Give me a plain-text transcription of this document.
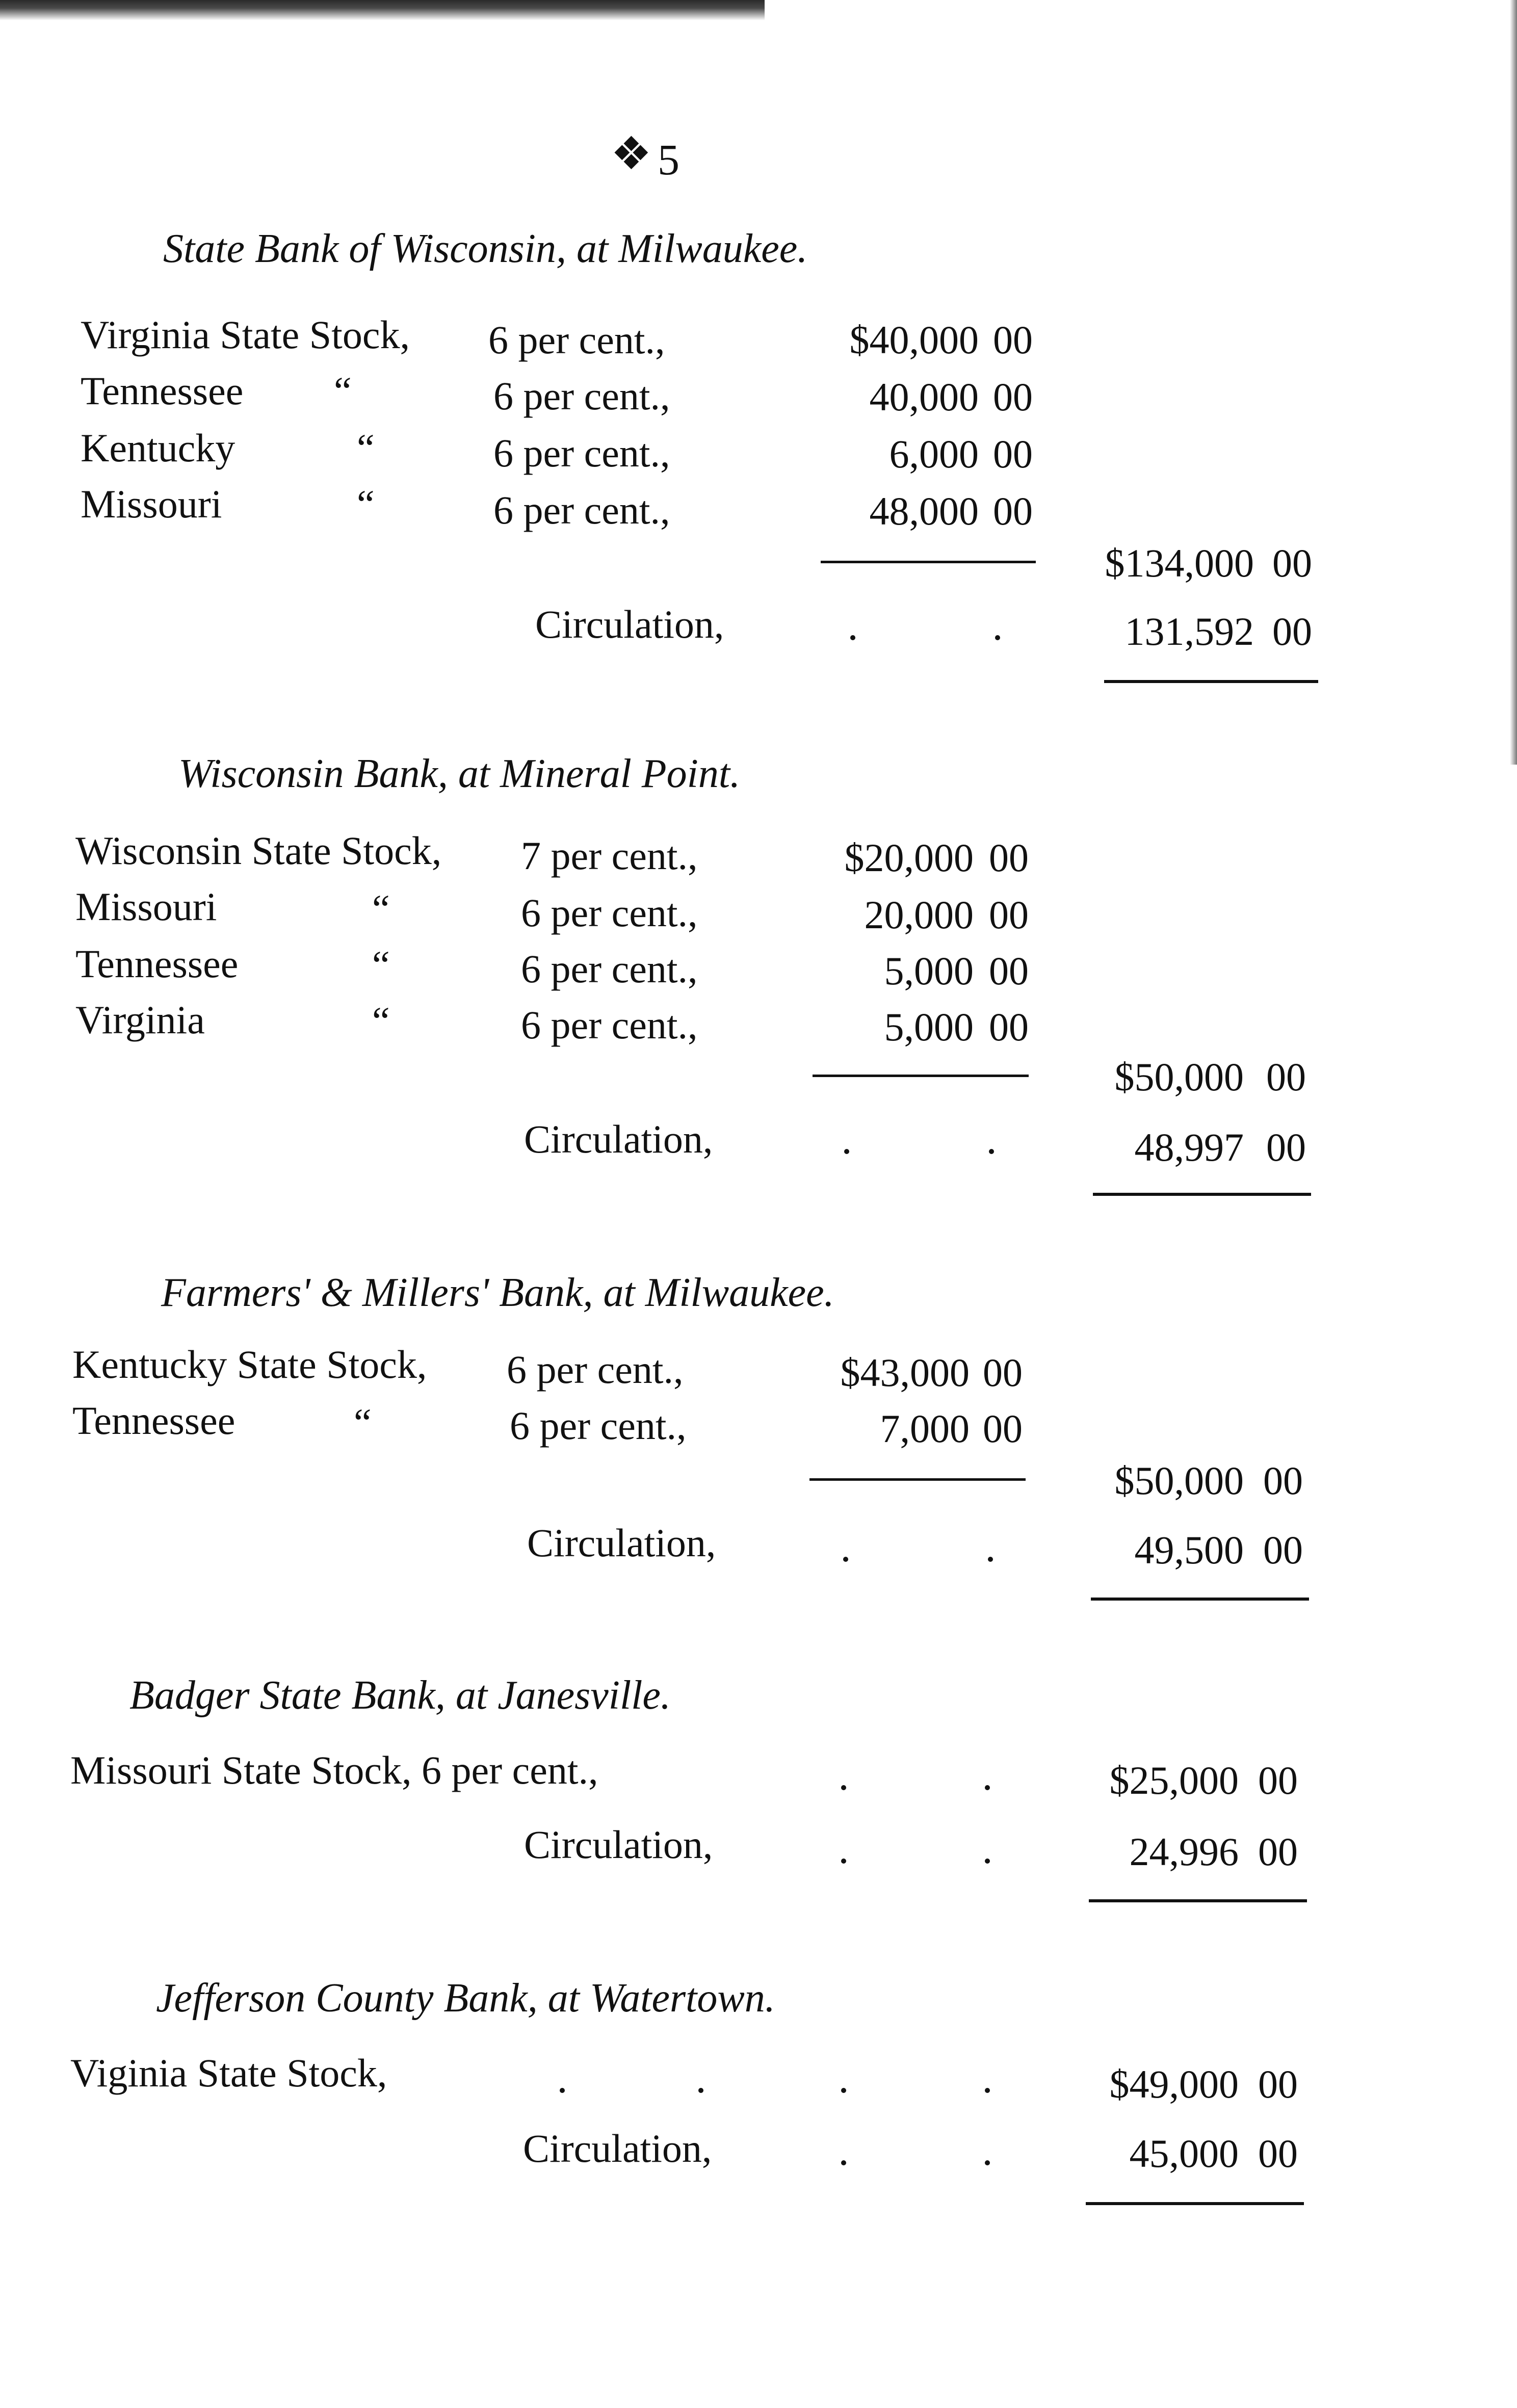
❖ 5
State Bank of Wisconsin, at Milwaukee.
Virginia State Stock, 6 per cent.,	$40,000 00
Tennessee “	6 per cent.,	40,000 00
Kentucky	“	6 per cent.,	6,000 00
Missouri	“	6 per cent.,	48,000 00
$134,000 00
Circulation,	131,592 00
Wisconsin Bank, at Mineral Point.
Wisconsin State Stock, 7 per cent.,	$20,000 00
Missouri	“	6 per cent.,	20,000 00
Tennessee	“	6 per cent.,	5,000 00
Virginia	“	6 per cent.,	5,000 00
$50,000 00
Circulation,	48,997 00
Farmers' & Millers' Bank, at Milwaukee.
Kentucky State Stock, 6 per cent.,	$43,000 00
Tennessee	“	6 per cent.,	7,000 00
$50,000 00
Circulation,	49,500 00
Badger State Bank, at Janesville.
Missouri State Stock, 6 per cent.,	$25,000 00
Circulation,	24,996 00
Jefferson County Bank, at Watertown.
Viginia State Stock,	$49,000 00
Circulation,	45,000 00
